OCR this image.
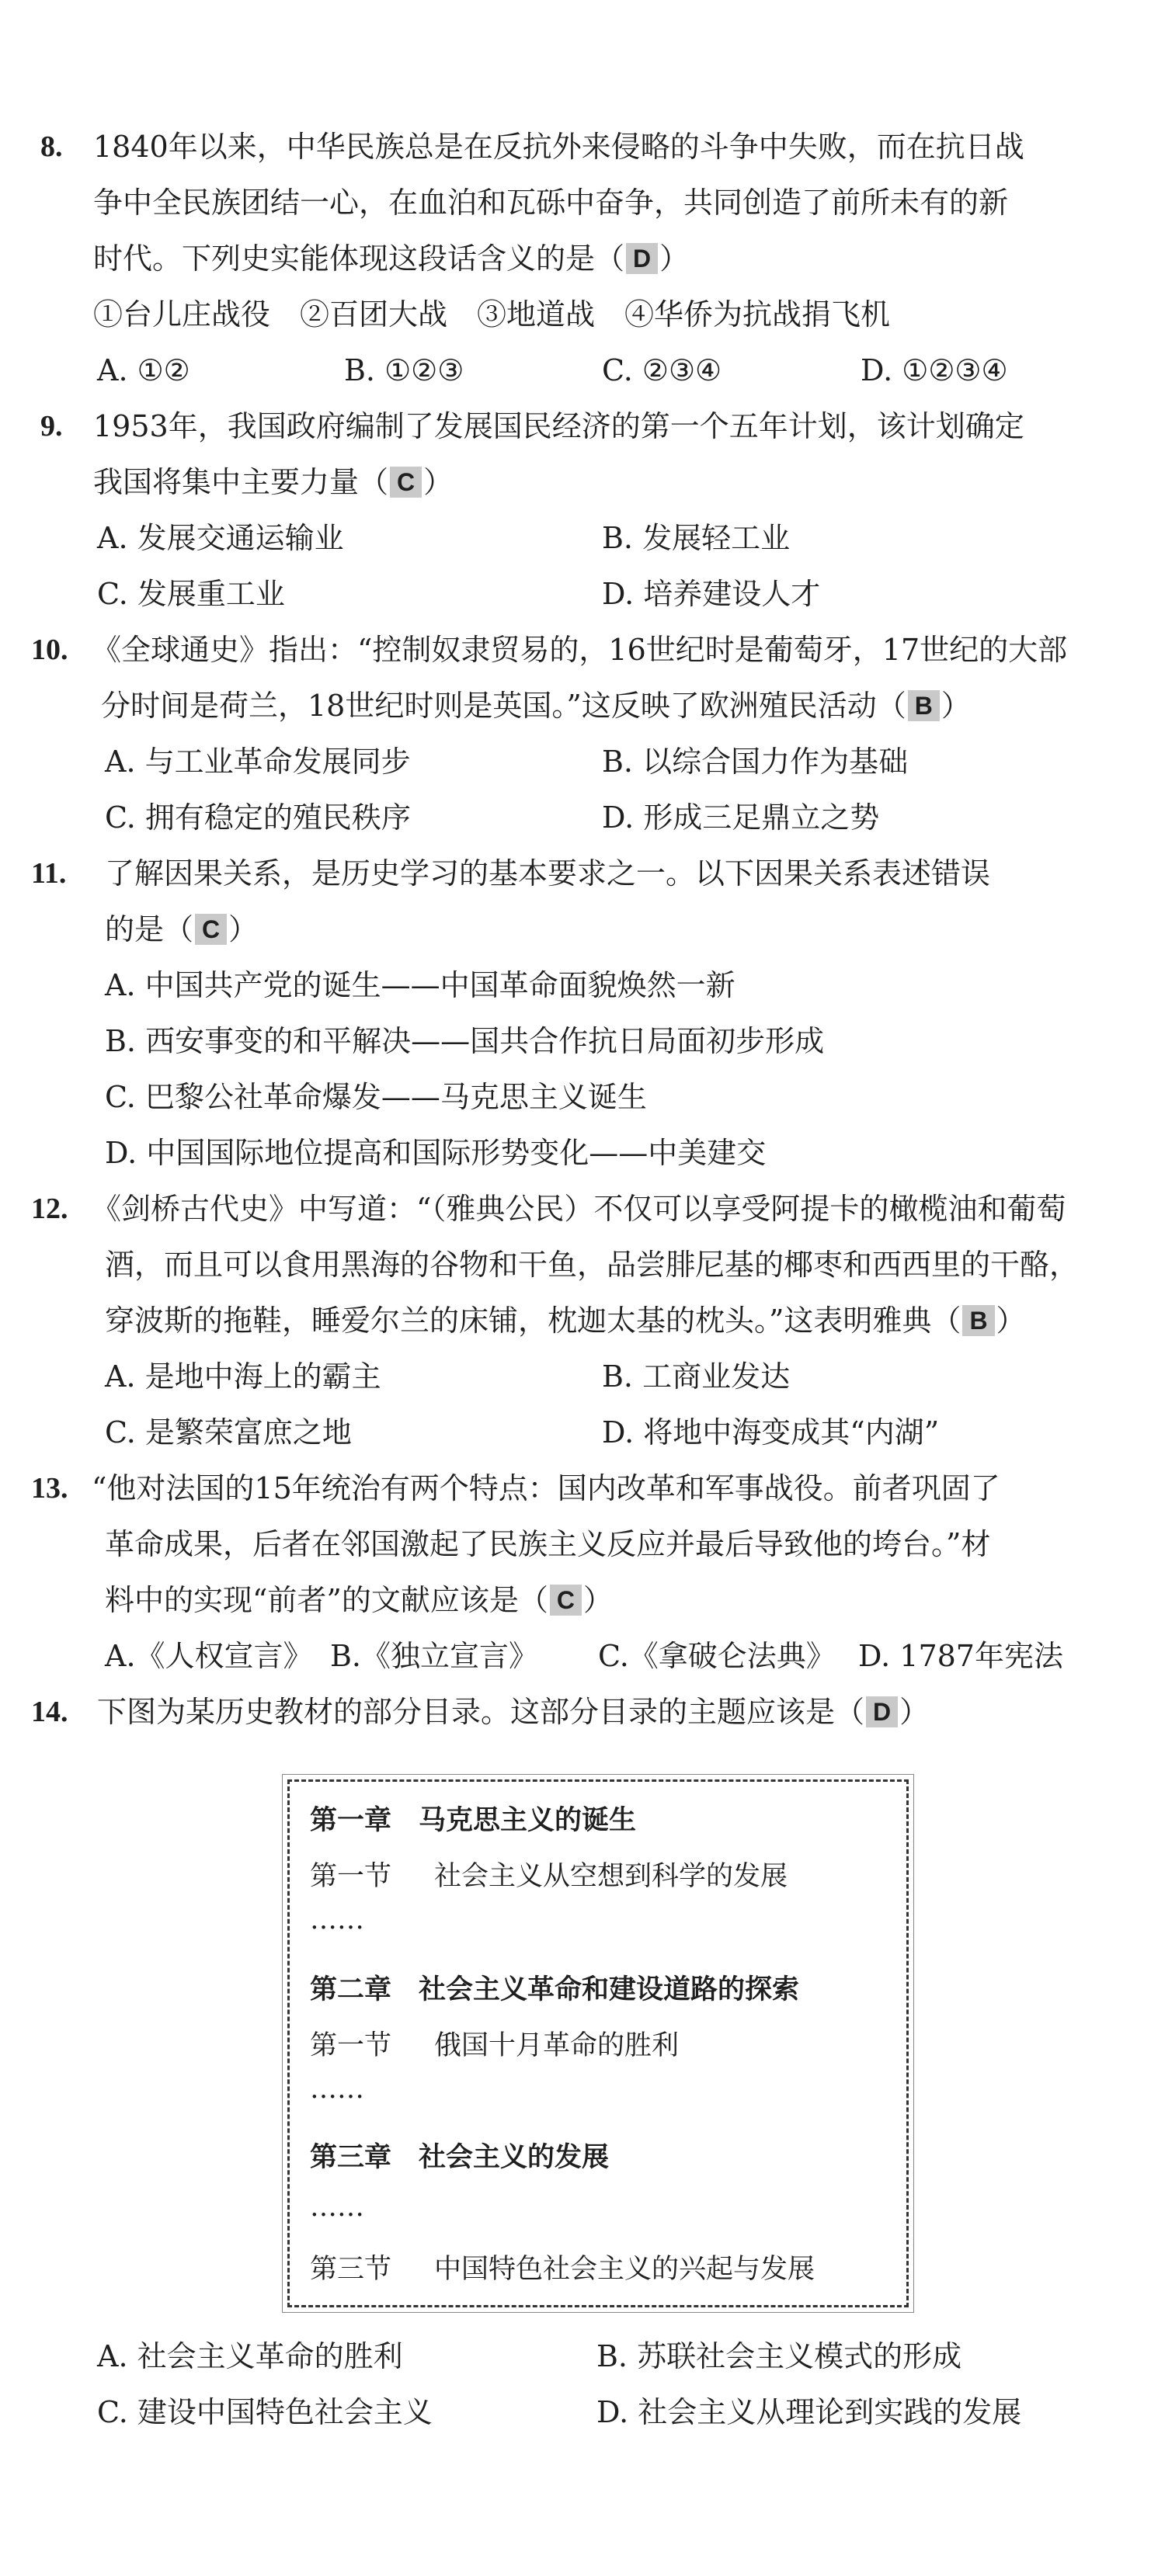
8.	1840年以来，中华民族总是在反抗外来侵略的斗争中失败，而在抗日战
争中全民族团结一心，在血泊和瓦砾中奋争，共同创造了前所未有的新
时代。下列史实能体现这段话含义的是（ D ）
①台儿庄战役　②百团大战　③地道战　④华侨为抗战捐飞机
A. ①②	B. ①②③	C. ②③④	D. ①②③④
9.	1953年，我国政府编制了发展国民经济的第一个五年计划，该计划确定
我国将集中主要力量（ C ）
A. 发展交通运输业	B. 发展轻工业
C. 发展重工业	D. 培养建设人才
10. 《全球通史》指出：“控制奴隶贸易的，16世纪时是葡萄牙，17世纪的大部
分时间是荷兰，18世纪时则是英国。”这反映了欧洲殖民活动（ B ）
A. 与工业革命发展同步	B. 以综合国力作为基础
C. 拥有稳定的殖民秩序	D. 形成三足鼎立之势
11.	了解因果关系，是历史学习的基本要求之一。以下因果关系表述错误
的是（ C ）
A. 中国共产党的诞生——中国革命面貌焕然一新
B. 西安事变的和平解决——国共合作抗日局面初步形成
C. 巴黎公社革命爆发——马克思主义诞生
D. 中国国际地位提高和国际形势变化——中美建交
12. 《剑桥古代史》中写道：“（雅典公民）不仅可以享受阿提卡的橄榄油和葡萄
酒，而且可以食用黑海的谷物和干鱼，品尝腓尼基的椰枣和西西里的干酪，
穿波斯的拖鞋，睡爱尔兰的床铺，枕迦太基的枕头。”这表明雅典（ B ）
A. 是地中海上的霸主	B. 工商业发达
C. 是繁荣富庶之地	D. 将地中海变成其“内湖”
13. “他对法国的15年统治有两个特点：国内改革和军事战役。前者巩固了
革命成果，后者在邻国激起了民族主义反应并最后导致他的垮台。”材
料中的实现“前者”的文献应该是（ C ）
A.《人权宣言》 B.《独立宣言》 C.《拿破仑法典》 D. 1787年宪法
14. 下图为某历史教材的部分目录。这部分目录的主题应该是（ D ）
第一章　马克思主义的诞生
第一节 社会主义从空想到科学的发展
……
第二章　社会主义革命和建设道路的探索
第一节 俄国十月革命的胜利
……
第三章　社会主义的发展
……
第三节 中国特色社会主义的兴起与发展
A. 社会主义革命的胜利	B. 苏联社会主义模式的形成
C. 建设中国特色社会主义	D. 社会主义从理论到实践的发展
